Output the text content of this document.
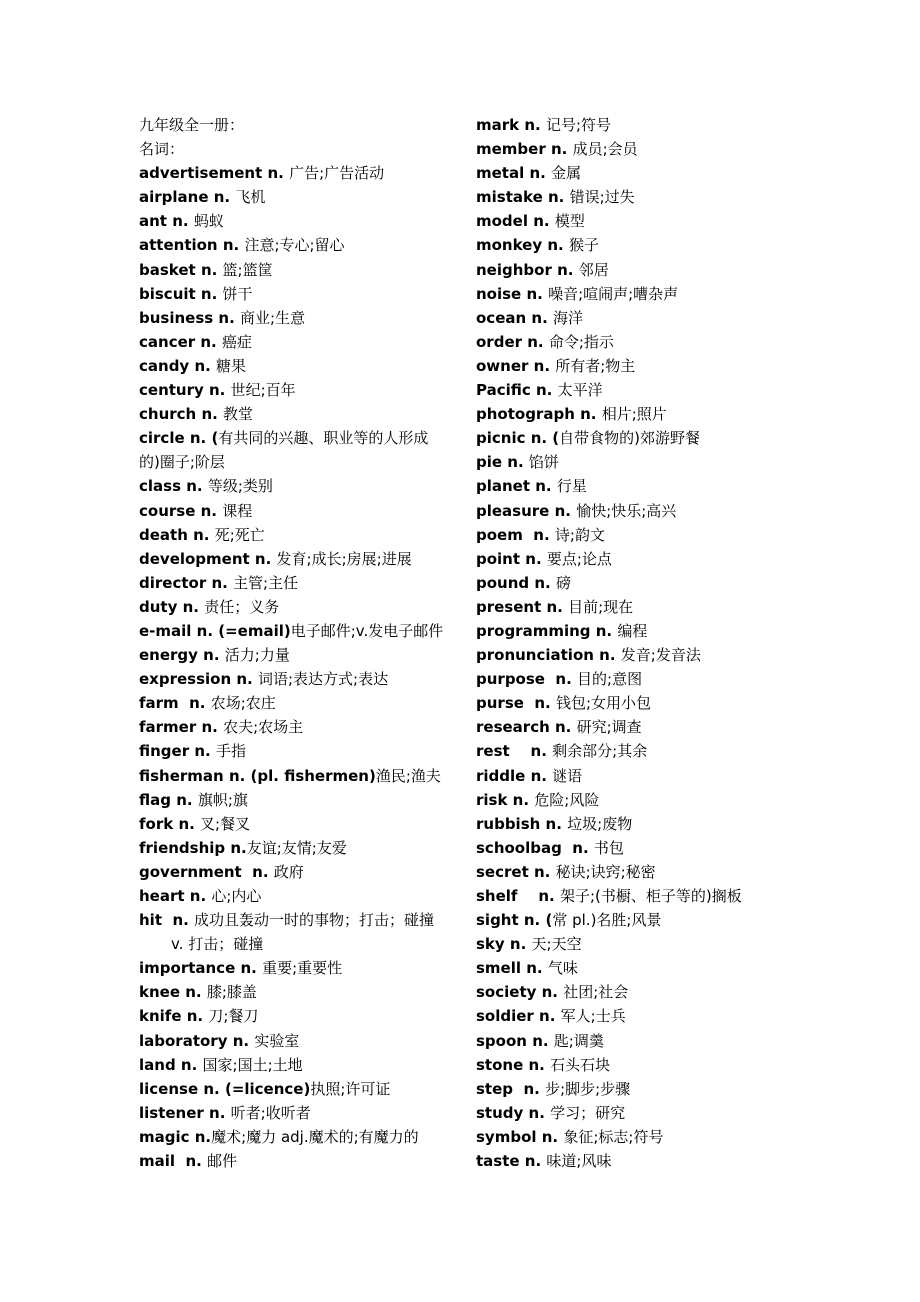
九年级全一册：
名词：
advertisement n. 广告;广告活动
airplane n. 飞机
ant n. 蚂蚁
attention n. 注意;专心;留心
basket n. 篮;篮筐
biscuit n. 饼干
business n. 商业;生意
cancer n. 癌症
candy n. 糖果
century n. 世纪;百年
church n. 教堂
circle n. (有共同的兴趣、职业等的人形成
的)圈子;阶层
class n. 等级;类别
course n. 课程
death n. 死;死亡
development n. 发育;成长;房展;进展
director n. 主管;主任
duty n. 责任；义务
e-mail n. (=email)电子邮件;v.发电子邮件
energy n. 活力;力量
expression n. 词语;表达方式;表达
farm  n. 农场;农庄
farmer n. 农夫;农场主
finger n. 手指
fisherman n. (pl. fishermen)渔民;渔夫
flag n. 旗帜;旗
fork n. 叉;餐叉
friendship n.友谊;友情;友爱
government  n. 政府
heart n. 心;内心
hit  n. 成功且轰动一时的事物；打击；碰撞
v. 打击；碰撞
importance n. 重要;重要性
knee n. 膝;膝盖
knife n. 刀;餐刀
laboratory n. 实验室
land n. 国家;国土;土地
license n. (=licence)执照;许可证
listener n. 听者;收听者
magic n.魔术;魔力 adj.魔术的;有魔力的
mail  n. 邮件
mark n. 记号;符号
member n. 成员;会员
metal n. 金属
mistake n. 错误;过失
model n. 模型
monkey n. 猴子
neighbor n. 邻居
noise n. 噪音;喧闹声;嘈杂声
ocean n. 海洋
order n. 命令;指示
owner n. 所有者;物主
Pacific n. 太平洋
photograph n. 相片;照片
picnic n. (自带食物的)郊游野餐
pie n. 馅饼
planet n. 行星
pleasure n. 愉快;快乐;高兴
poem  n. 诗;韵文
point n. 要点;论点
pound n. 磅
present n. 目前;现在
programming n. 编程
pronunciation n. 发音;发音法
purpose  n. 目的;意图
purse  n. 钱包;女用小包
research n. 研究;调查
rest    n. 剩余部分;其余
riddle n. 谜语
risk n. 危险;风险
rubbish n. 垃圾;废物
schoolbag  n. 书包
secret n. 秘诀;诀窍;秘密
shelf    n. 架子;(书橱、柜子等的)搁板
sight n. (常 pl.)名胜;风景
sky n. 天;天空
smell n. 气味
society n. 社团;社会
soldier n. 军人;士兵
spoon n. 匙;调羹
stone n. 石头石块
step  n. 步;脚步;步骤
study n. 学习；研究
symbol n. 象征;标志;符号
taste n. 味道;风味
